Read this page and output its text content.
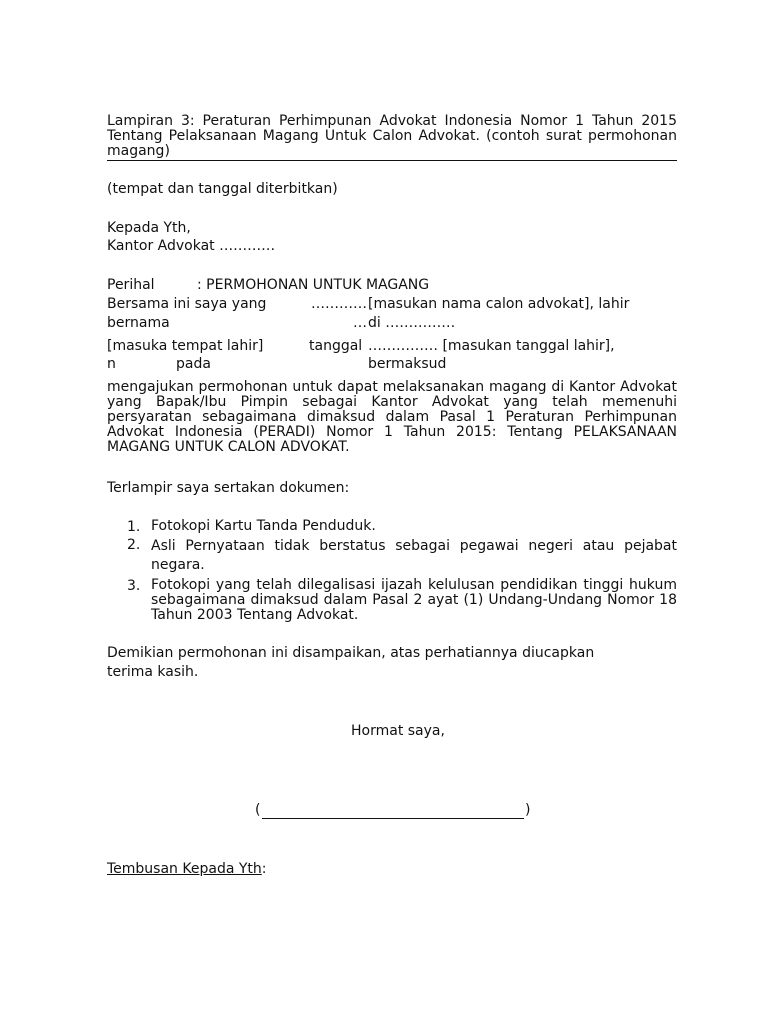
Lampiran 3: Peraturan Perhimpunan Advokat Indonesia Nomor 1 Tahun 2015 Tentang Pelaksanaan Magang Untuk Calon Advokat. (contoh surat permohonan magang)
(tempat dan tanggal diterbitkan)
Kepada Yth,
Kantor Advokat …………
Perihal	: PERMOHONAN UNTUK MAGANG
Bersama ini saya yang	………… [masukan nama calon advokat], lahir
bernama	… di ……………
[masuka tempat lahir]	tanggal …………… [masukan tanggal lahir],
n	pada	bermaksud
mengajukan permohonan untuk dapat melaksanakan magang di Kantor Advokat yang Bapak/Ibu Pimpin sebagai Kantor Advokat yang telah memenuhi persyaratan sebagaimana dimaksud dalam Pasal 1 Peraturan Perhimpunan Advokat Indonesia (PERADI) Nomor 1 Tahun 2015: Tentang PELAKSANAAN MAGANG UNTUK CALON ADVOKAT.
Terlampir saya sertakan dokumen:
1. Fotokopi Kartu Tanda Penduduk.
2. Asli Pernyataan tidak berstatus sebagai pegawai negeri atau pejabat negara.
3. Fotokopi yang telah dilegalisasi ijazah kelulusan pendidikan tinggi hukum sebagaimana dimaksud dalam Pasal 2 ayat (1) Undang-Undang Nomor 18 Tahun 2003 Tentang Advokat.
Demikian permohonan ini disampaikan, atas perhatiannya diucapkan
terima kasih.
Hormat saya,
(	)
Tembusan Kepada Yth:
